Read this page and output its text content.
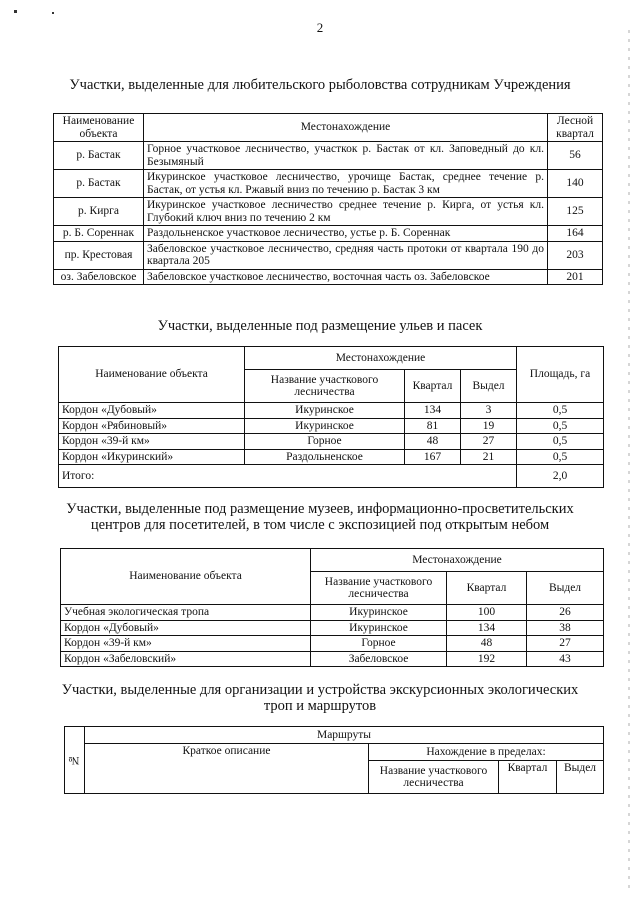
2
Участки, выделенные для любительского рыболовства сотрудникам Учреждения
Наименование объекта	Местонахождение	Лесной квартал
р. Бастак	Горное участковое лесничество, участкок р. Бастак от кл. Заповедный до кл. Безымяный	56
р. Бастак	Икуринское участковое лесничество, урочище Бастак, среднее течение р. Бастак, от устья кл. Ржавый вниз по течению р. Бастак 3 км	140
р. Кирга	Икуринское участковое лесничество среднее течение р. Кирга, от устья кл. Глубокий ключ вниз по течению 2 км	125
р. Б. Сореннак	Раздольненское участковое лесничество, устье р. Б. Сореннак	164
пр. Крестовая	Забеловское участковое лесничество, средняя часть протоки от квартала 190 до квартала 205	203
оз. Забеловское	Забеловское участковое лесничество, восточная часть оз. Забеловское	201
Участки, выделенные под размещение ульев и пасек
Наименование объекта	Местонахождение			Площадь, га
	Название участкового лесничества	Квартал	Выдел	
Кордон «Дубовый»	Икуринское	134	3	0,5
Кордон «Рябиновый»	Икуринское	81	19	0,5
Кордон «39-й км»	Горное	48	27	0,5
Кордон «Икуринский»	Раздольненское	167	21	0,5
Итого:				2,0
Участки, выделенные под размещение музеев, информационно-просветительских
центров для посетителей, в том числе с экспозицией под открытым небом
Наименование объекта	Местонахождение		
	Название участкового лесничества	Квартал	Выдел
Учебная экологическая тропа	Икуринское	100	26
Кордон «Дубовый»	Икуринское	134	38
Кордон «39-й км»	Горное	48	27
Кордон «Забеловский»	Забеловское	192	43
Участки, выделенные для организации и устройства экскурсионных экологических
троп и маршрутов
№	Маршруты			
	Краткое описание	Нахождение в пределах:		
		Название участкового лесничества	Квартал	Выдел
